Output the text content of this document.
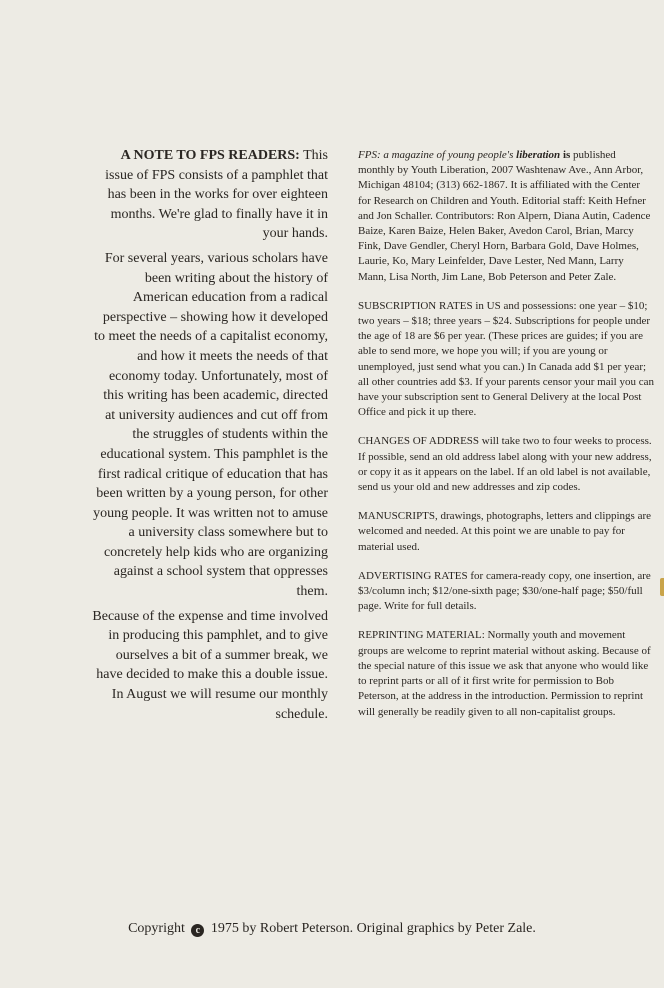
A NOTE TO FPS READERS: This issue of FPS consists of a pamphlet that has been in the works for over eighteen months. We're glad to finally have it in your hands.

For several years, various scholars have been writing about the history of American education from a radical perspective – showing how it developed to meet the needs of a capitalist economy, and how it meets the needs of that economy today. Unfortunately, most of this writing has been academic, directed at university audiences and cut off from the struggles of students within the educational system. This pamphlet is the first radical critique of education that has been written by a young person, for other young people. It was written not to amuse a university class somewhere but to concretely help kids who are organizing against a school system that oppresses them.

Because of the expense and time involved in producing this pamphlet, and to give ourselves a bit of a summer break, we have decided to make this a double issue. In August we will resume our monthly schedule.

FPS: a magazine of young people's liberation is published monthly by Youth Liberation, 2007 Washtenaw Ave., Ann Arbor, Michigan 48104; (313) 662-1867. It is affiliated with the Center for Research on Children and Youth. Editorial staff: Keith Hefner and Jon Schaller. Contributors: Ron Alpern, Diana Autin, Cadence Baize, Karen Baize, Helen Baker, Avedon Carol, Brian, Marcy Fink, Dave Gendler, Cheryl Horn, Barbara Gold, Dave Holmes, Laurie, Ko, Mary Leinfelder, Dave Lester, Ned Mann, Larry Mann, Lisa North, Jim Lane, Bob Peterson and Peter Zale.

SUBSCRIPTION RATES in US and possessions: one year – $10; two years – $18; three years – $24. Subscriptions for people under the age of 18 are $6 per year. (These prices are guides; if you are able to send more, we hope you will; if you are young or unemployed, just send what you can.) In Canada add $1 per year; all other countries add $3. If your parents censor your mail you can have your subscription sent to General Delivery at the local Post Office and pick it up there.

CHANGES OF ADDRESS will take two to four weeks to process. If possible, send an old address label along with your new address, or copy it as it appears on the label. If an old label is not available, send us your old and new addresses and zip codes.

MANUSCRIPTS, drawings, photographs, letters and clippings are welcomed and needed. At this point we are unable to pay for material used.

ADVERTISING RATES for camera-ready copy, one insertion, are $3/column inch; $12/one-sixth page; $30/one-half page; $50/full page. Write for full details.

REPRINTING MATERIAL: Normally youth and movement groups are welcome to reprint material without asking. Because of the special nature of this issue we ask that anyone who would like to reprint parts or all of it first write for permission to Bob Peterson, at the address in the introduction. Permission to reprint will generally be readily given to all non-capitalist groups.

Copyright c 1975 by Robert Peterson. Original graphics by Peter Zale.
